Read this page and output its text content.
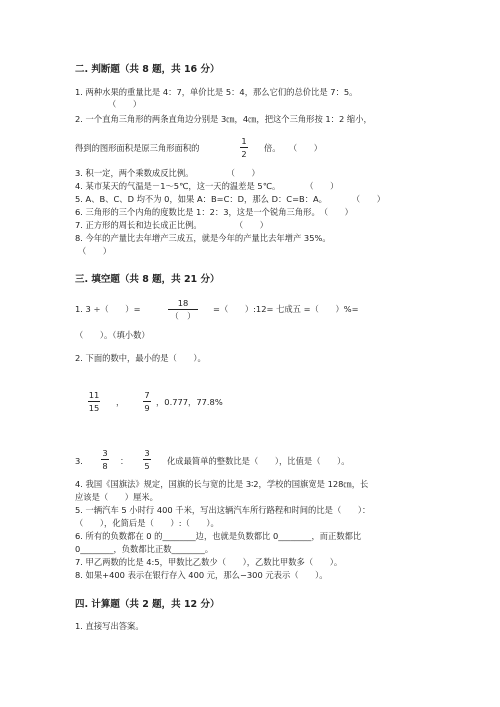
二. 判断题（共 8 题，共 16 分）
1. 两种水果的重量比是 4：7，单价比是 5：4，那么它们的总价比是 7：5。
（　　）
2. 一个直角三角形的两条直角边分别是 3㎝，4㎝，把这个三角形按 1：2 缩小，
得到的图形面积是原三角形面积的
1
2
倍。　　（　　）
3. 积一定，两个乘数成反比例。　　　　　（　　）
4. 某市某天的气温是－1～5℃，这一天的温差是 5℃。　　　　（　　）
5. A、B、C、D 均不为 0，如果 A：B=C：D，那么 D：C=B：A。　　　　（　　）
6. 三角形的三个内角的度数比是 1：2：3，这是一个锐角三角形。　（　　）
7. 正方形的周长和边长成正比例。　　　　　（　　）
8. 今年的产量比去年增产三成五，就是今年的产量比去年增产 35%。
（　　）
三. 填空题（共 8 题，共 21 分）
1. 3 ÷（　　）=
18
（　）
=（　　）:12= 七成五 =（　　）%=
（　　）。（填小数）
2. 下面的数中，最小的是（　　）。
11
15
，
7
9
，0.777，77.8%
3.
3
8 ：
3
5 化成最简单的整数比是（　　），比值是（　　）。
4. 我国《国旗法》规定，国旗的长与宽的比是 3∶2，学校的国旗宽是 128㎝，长
应该是（　　）厘米。
5. 一辆汽车 5 小时行 400 千米，写出这辆汽车所行路程和时间的比是（　　）：
（　　），化简后是（　　）:（　　）。
6. 所有的负数都在 0 的________边，也就是负数都比 0________，而正数都比
0________，负数都比正数________。
7. 甲乙两数的比是 4:5，甲数比乙数少（　　），乙数比甲数多（　　）。
8. 如果+400 表示在银行存入 400 元，那么−300 元表示（　　）。
四. 计算题（共 2 题，共 12 分）
1. 直接写出答案。
